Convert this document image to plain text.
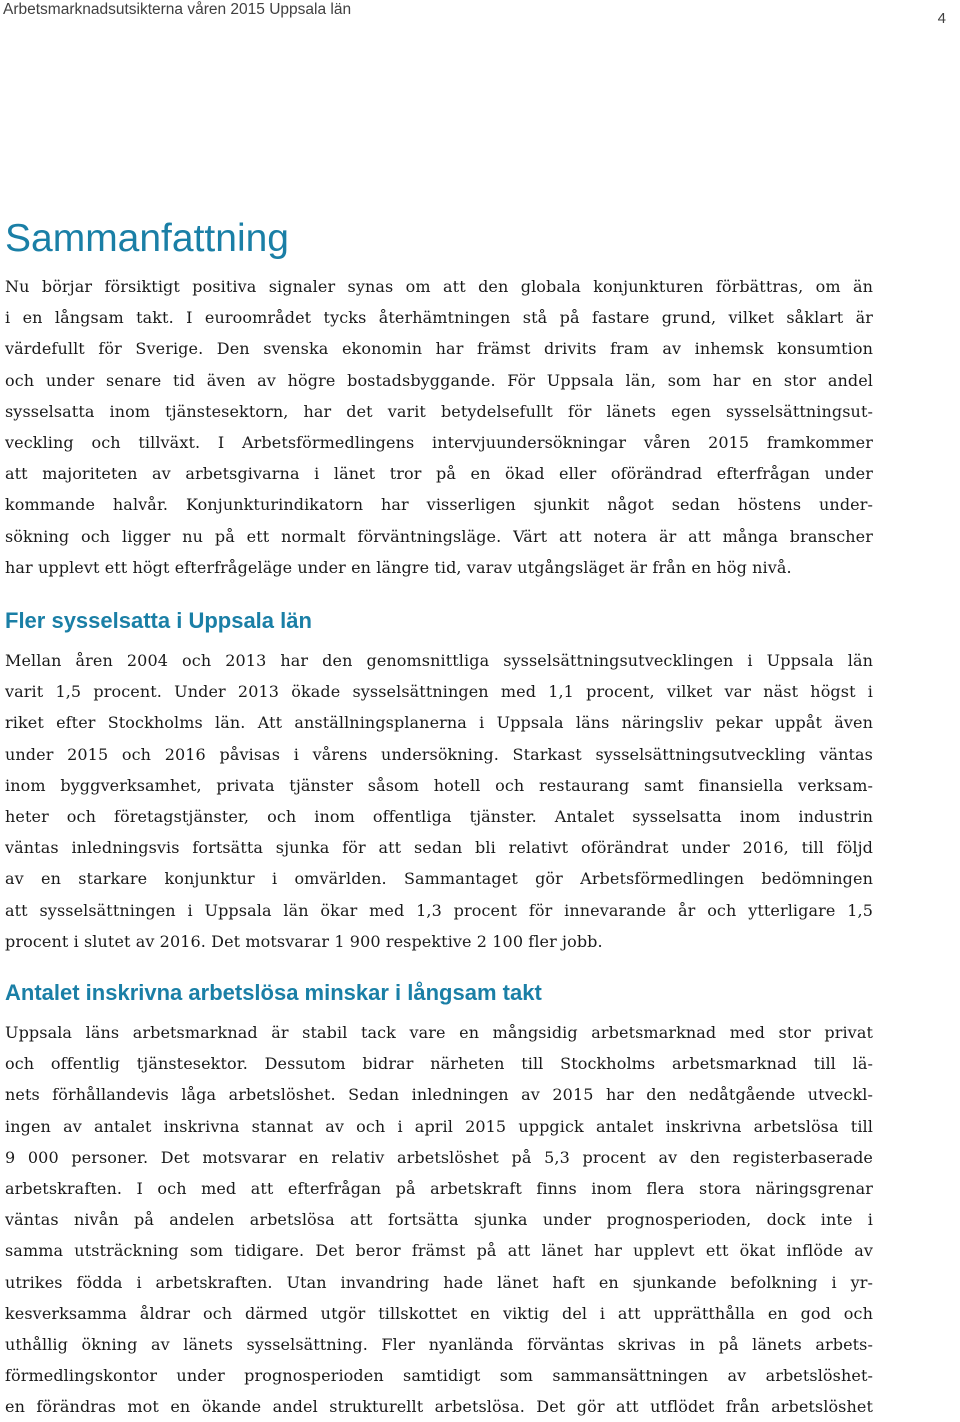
Arbetsmarknadsutsikterna våren 2015 Uppsala län
4
Sammanfattning
Nu börjar försiktigt positiva signaler synas om att den globala konjunkturen förbättras, om än
i en långsam takt. I euroområdet tycks återhämtningen stå på fastare grund, vilket såklart är
värdefullt för Sverige. Den svenska ekonomin har främst drivits fram av inhemsk konsumtion
och under senare tid även av högre bostadsbyggande. För Uppsala län, som har en stor andel
sysselsatta inom tjänstesektorn, har det varit betydelsefullt för länets egen sysselsättningsut-
veckling och tillväxt. I Arbetsförmedlingens intervjuundersökningar våren 2015 framkommer
att majoriteten av arbetsgivarna i länet tror på en ökad eller oförändrad efterfrågan under
kommande halvår. Konjunkturindikatorn har visserligen sjunkit något sedan höstens under-
sökning och ligger nu på ett normalt förväntningsläge. Värt att notera är att många branscher
har upplevt ett högt efterfrågeläge under en längre tid, varav utgångsläget är från en hög nivå.
Fler sysselsatta i Uppsala län
Mellan åren 2004 och 2013 har den genomsnittliga sysselsättningsutvecklingen i Uppsala län
varit 1,5 procent. Under 2013 ökade sysselsättningen med 1,1 procent, vilket var näst högst i
riket efter Stockholms län. Att anställningsplanerna i Uppsala läns näringsliv pekar uppåt även
under 2015 och 2016 påvisas i vårens undersökning. Starkast sysselsättningsutveckling väntas
inom byggverksamhet, privata tjänster såsom hotell och restaurang samt finansiella verksam-
heter och företagstjänster, och inom offentliga tjänster. Antalet sysselsatta inom industrin
väntas inledningsvis fortsätta sjunka för att sedan bli relativt oförändrat under 2016, till följd
av en starkare konjunktur i omvärlden. Sammantaget gör Arbetsförmedlingen bedömningen
att sysselsättningen i Uppsala län ökar med 1,3 procent för innevarande år och ytterligare 1,5
procent i slutet av 2016. Det motsvarar 1 900 respektive 2 100 fler jobb.
Antalet inskrivna arbetslösa minskar i långsam takt
Uppsala läns arbetsmarknad är stabil tack vare en mångsidig arbetsmarknad med stor privat
och offentlig tjänstesektor. Dessutom bidrar närheten till Stockholms arbetsmarknad till lä-
nets förhållandevis låga arbetslöshet. Sedan inledningen av 2015 har den nedåtgående utveckl-
ingen av antalet inskrivna stannat av och i april 2015 uppgick antalet inskrivna arbetslösa till
9 000 personer. Det motsvarar en relativ arbetslöshet på 5,3 procent av den registerbaserade
arbetskraften. I och med att efterfrågan på arbetskraft finns inom flera stora näringsgrenar
väntas nivån på andelen arbetslösa att fortsätta sjunka under prognosperioden, dock inte i
samma utsträckning som tidigare. Det beror främst på att länet har upplevt ett ökat inflöde av
utrikes födda i arbetskraften. Utan invandring hade länet haft en sjunkande befolkning i yr-
kesverksamma åldrar och därmed utgör tillskottet en viktig del i att upprätthålla en god och
uthållig ökning av länets sysselsättning. Fler nyanlända förväntas skrivas in på länets arbets-
förmedlingskontor under prognosperioden samtidigt som sammansättningen av arbetslöshet-
en förändras mot en ökande andel strukturellt arbetslösa. Det gör att utflödet från arbetslöshet
